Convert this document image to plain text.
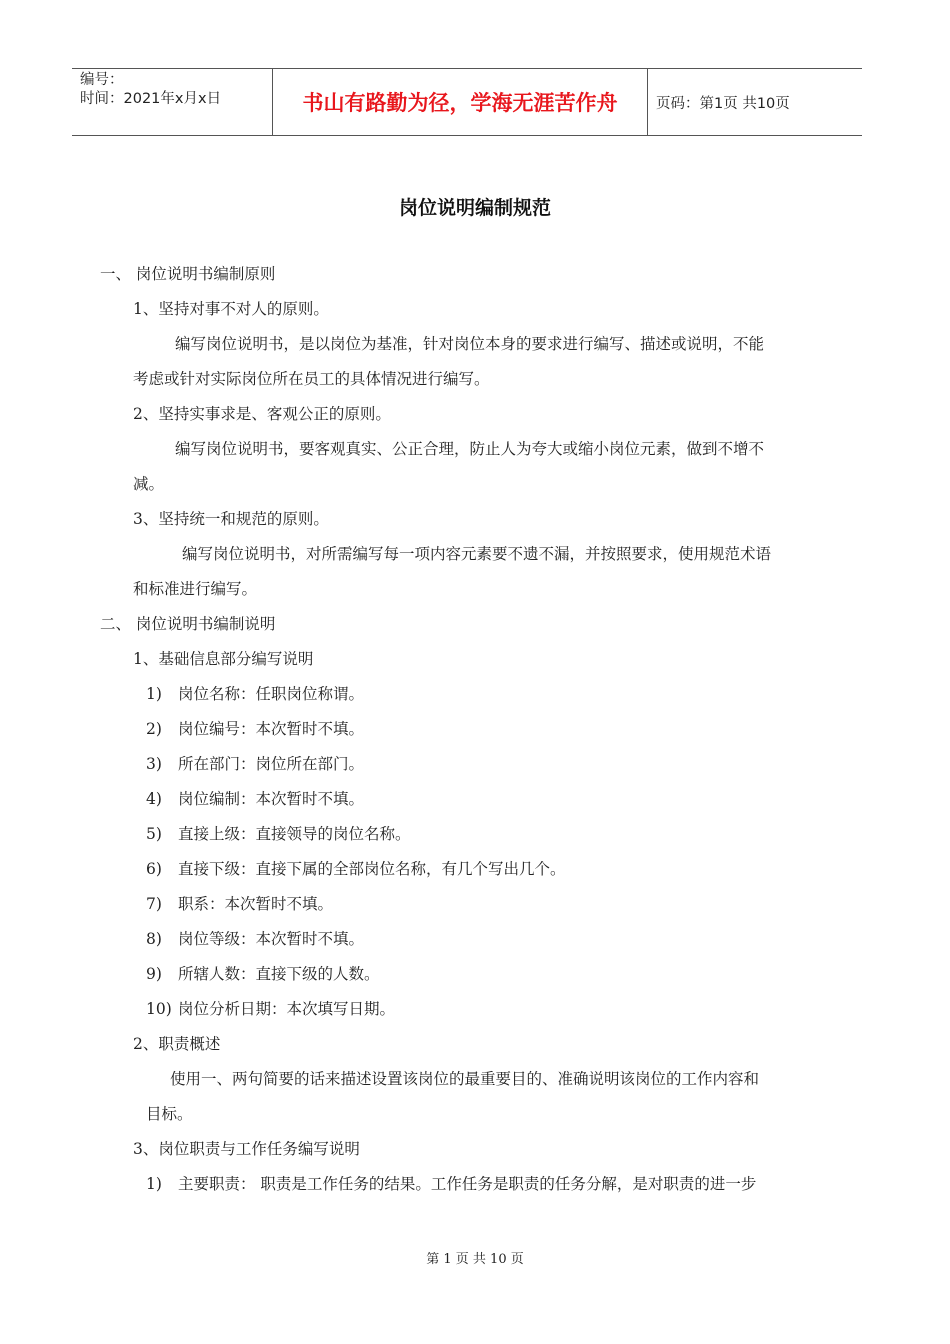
编号：
时间：2021年x月x日	书山有路勤为径，学海无涯苦作舟	页码：第1页 共10页
岗位说明编制规范
一、 岗位说明书编制原则
1、坚持对事不对人的原则。
编写岗位说明书，是以岗位为基准，针对岗位本身的要求进行编写、描述或说明，不能
考虑或针对实际岗位所在员工的具体情况进行编写。
2、坚持实事求是、客观公正的原则。
编写岗位说明书，要客观真实、公正合理，防止人为夸大或缩小岗位元素，做到不增不
减。
3、坚持统一和规范的原则。
编写岗位说明书，对所需编写每一项内容元素要不遗不漏，并按照要求，使用规范术语
和标准进行编写。
二、 岗位说明书编制说明
1、基础信息部分编写说明
1) 岗位名称：任职岗位称谓。
2) 岗位编号：本次暂时不填。
3) 所在部门：岗位所在部门。
4) 岗位编制：本次暂时不填。
5) 直接上级：直接领导的岗位名称。
6) 直接下级：直接下属的全部岗位名称，有几个写出几个。
7) 职系：本次暂时不填。
8) 岗位等级：本次暂时不填。
9) 所辖人数：直接下级的人数。
10) 岗位分析日期：本次填写日期。
2、职责概述
使用一、两句简要的话来描述设置该岗位的最重要目的、准确说明该岗位的工作内容和
目标。
3、岗位职责与工作任务编写说明
1) 主要职责： 职责是工作任务的结果。工作任务是职责的任务分解，是对职责的进一步
第 1 页 共 10 页
